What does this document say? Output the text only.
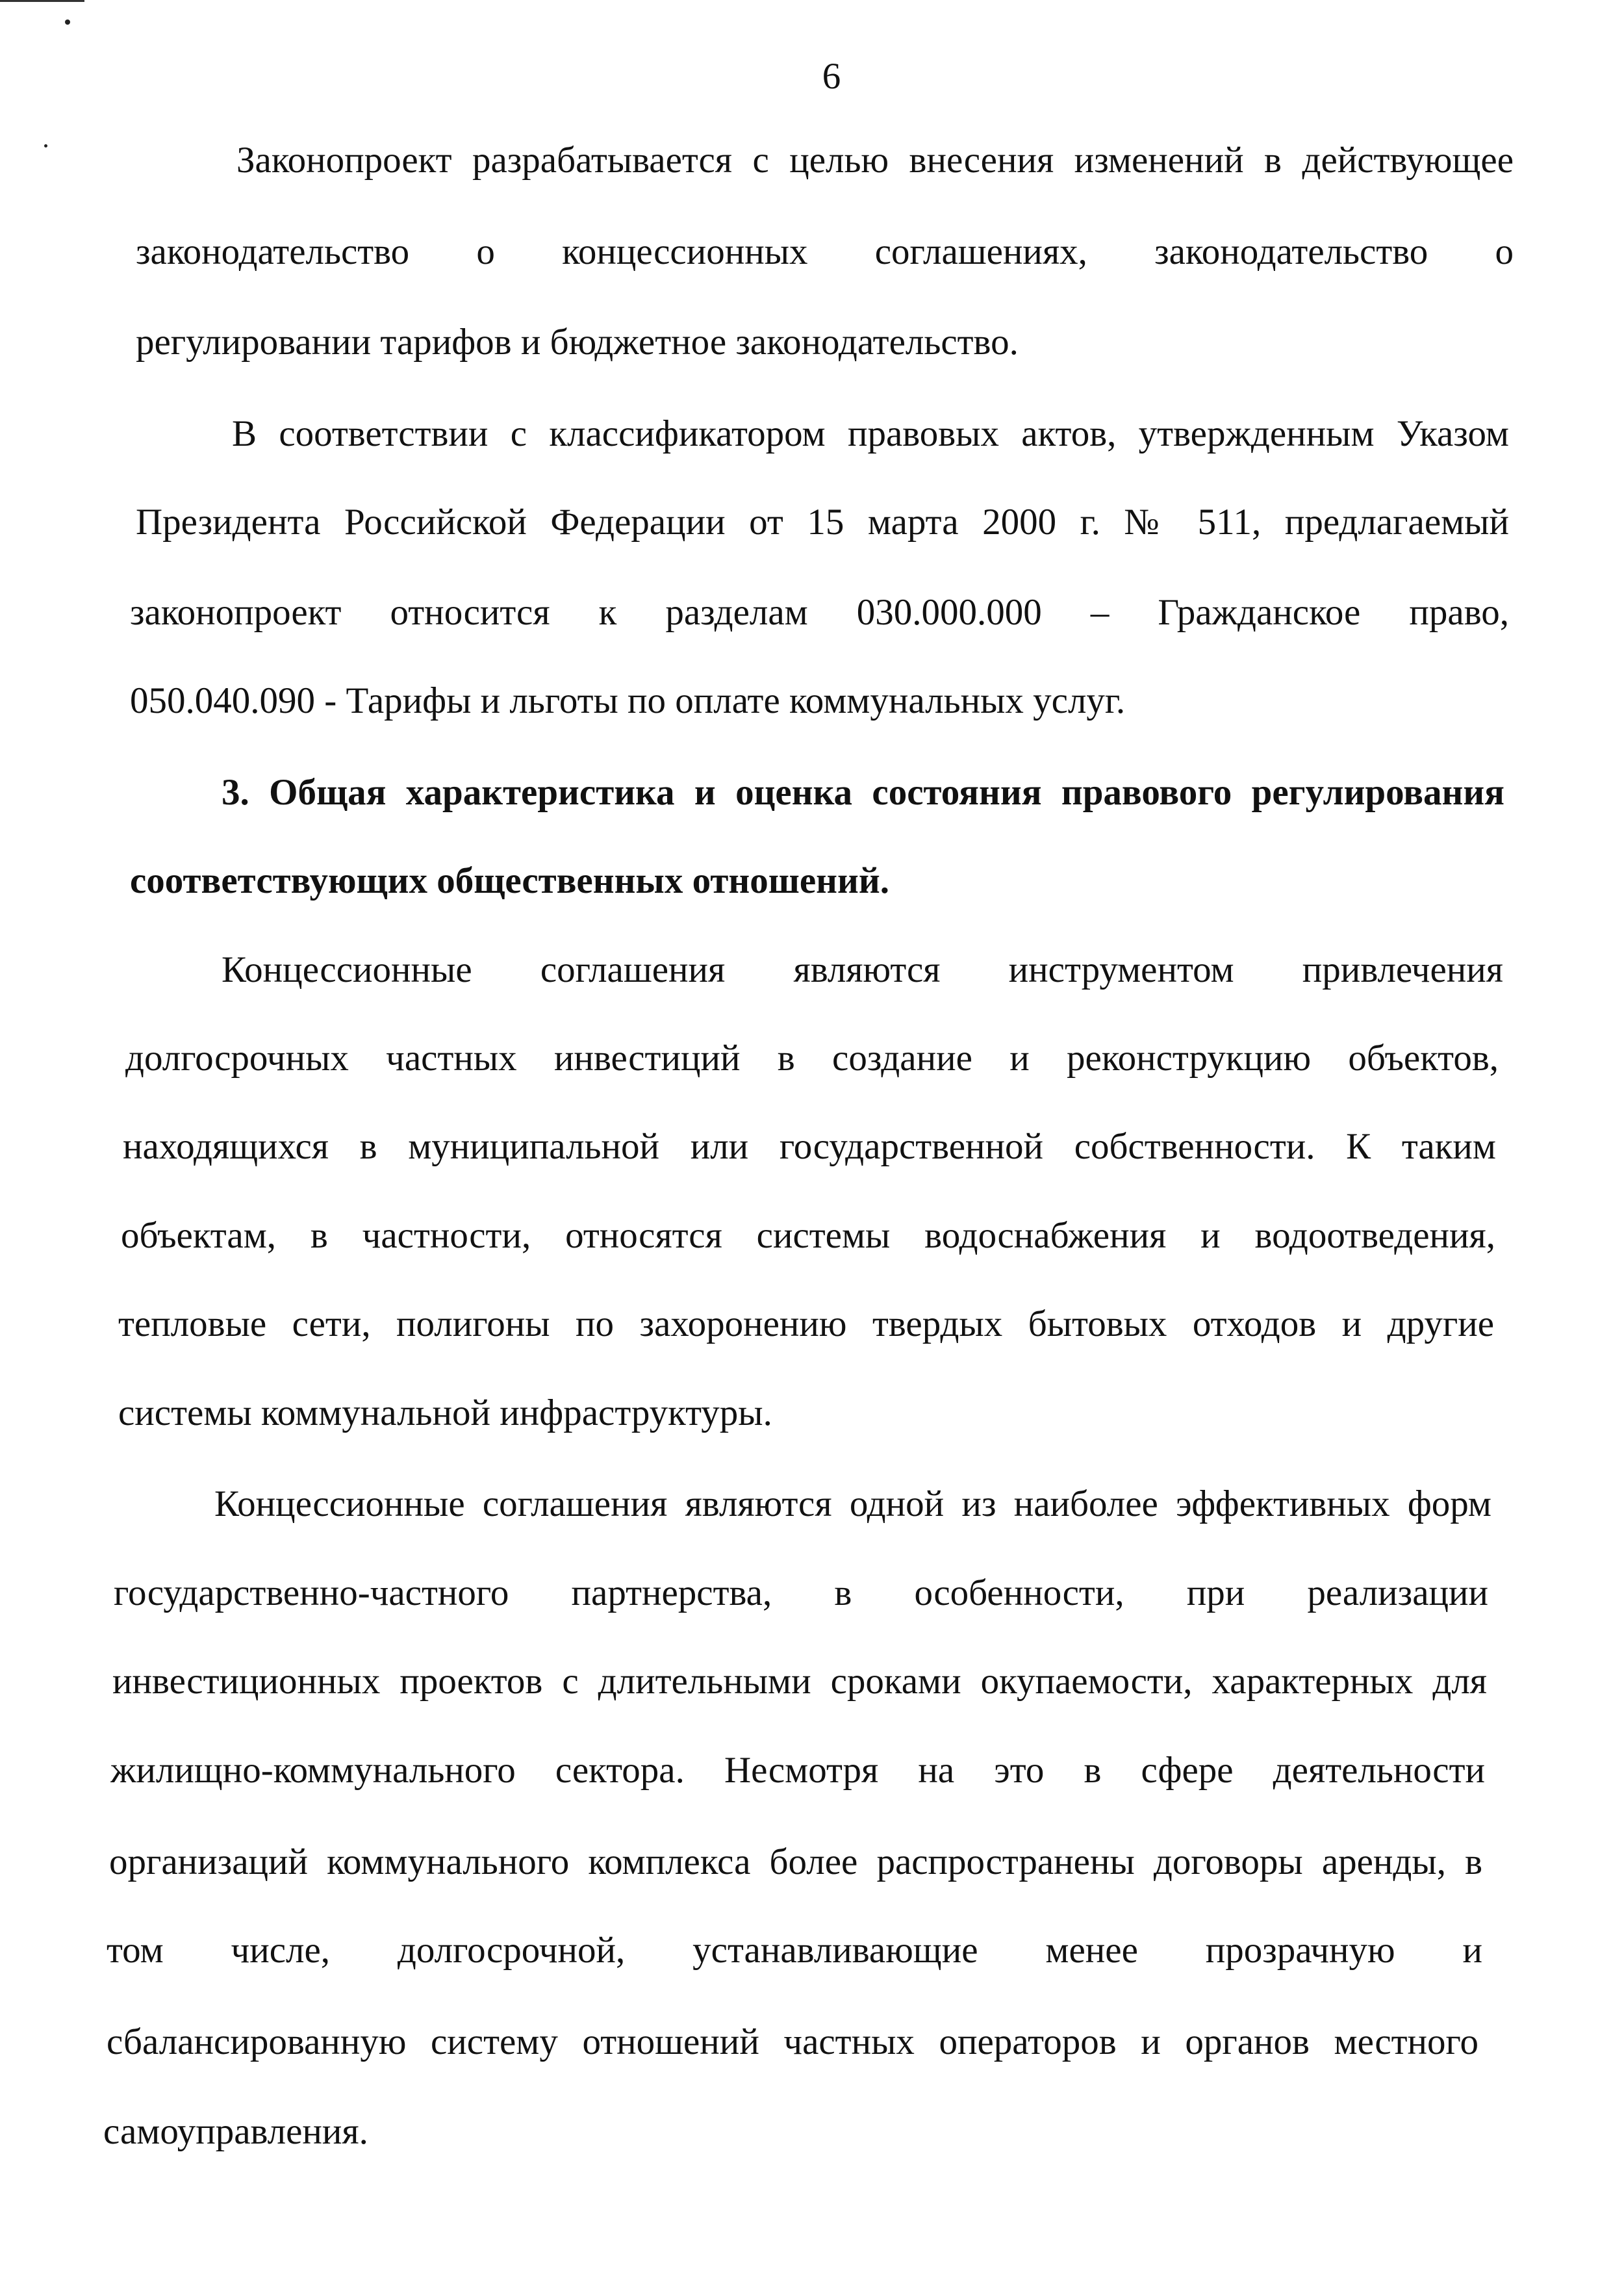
6
Законопроект разрабатывается с целью внесения изменений в действующее
законодательство о концессионных соглашениях, законодательство о
регулировании тарифов и бюджетное законодательство.
В соответствии с классификатором правовых актов, утвержденным Указом
Президента Российской Федерации от 15 марта 2000 г. № 511, предлагаемый
законопроект относится к разделам 030.000.000 – Гражданское право,
050.040.090 - Тарифы и льготы по оплате коммунальных услуг.
3. Общая характеристика и оценка состояния правового регулирования
соответствующих общественных отношений.
Концессионные соглашения являются инструментом привлечения
долгосрочных частных инвестиций в создание и реконструкцию объектов,
находящихся в муниципальной или государственной собственности. К таким
объектам, в частности, относятся системы водоснабжения и водоотведения,
тепловые сети, полигоны по захоронению твердых бытовых отходов и другие
системы коммунальной инфраструктуры.
Концессионные соглашения являются одной из наиболее эффективных форм
государственно-частного партнерства, в особенности, при реализации
инвестиционных проектов с длительными сроками окупаемости, характерных для
жилищно-коммунального сектора. Несмотря на это в сфере деятельности
организаций коммунального комплекса более распространены договоры аренды, в
том числе, долгосрочной, устанавливающие менее прозрачную и
сбалансированную систему отношений частных операторов и органов местного
самоуправления.
